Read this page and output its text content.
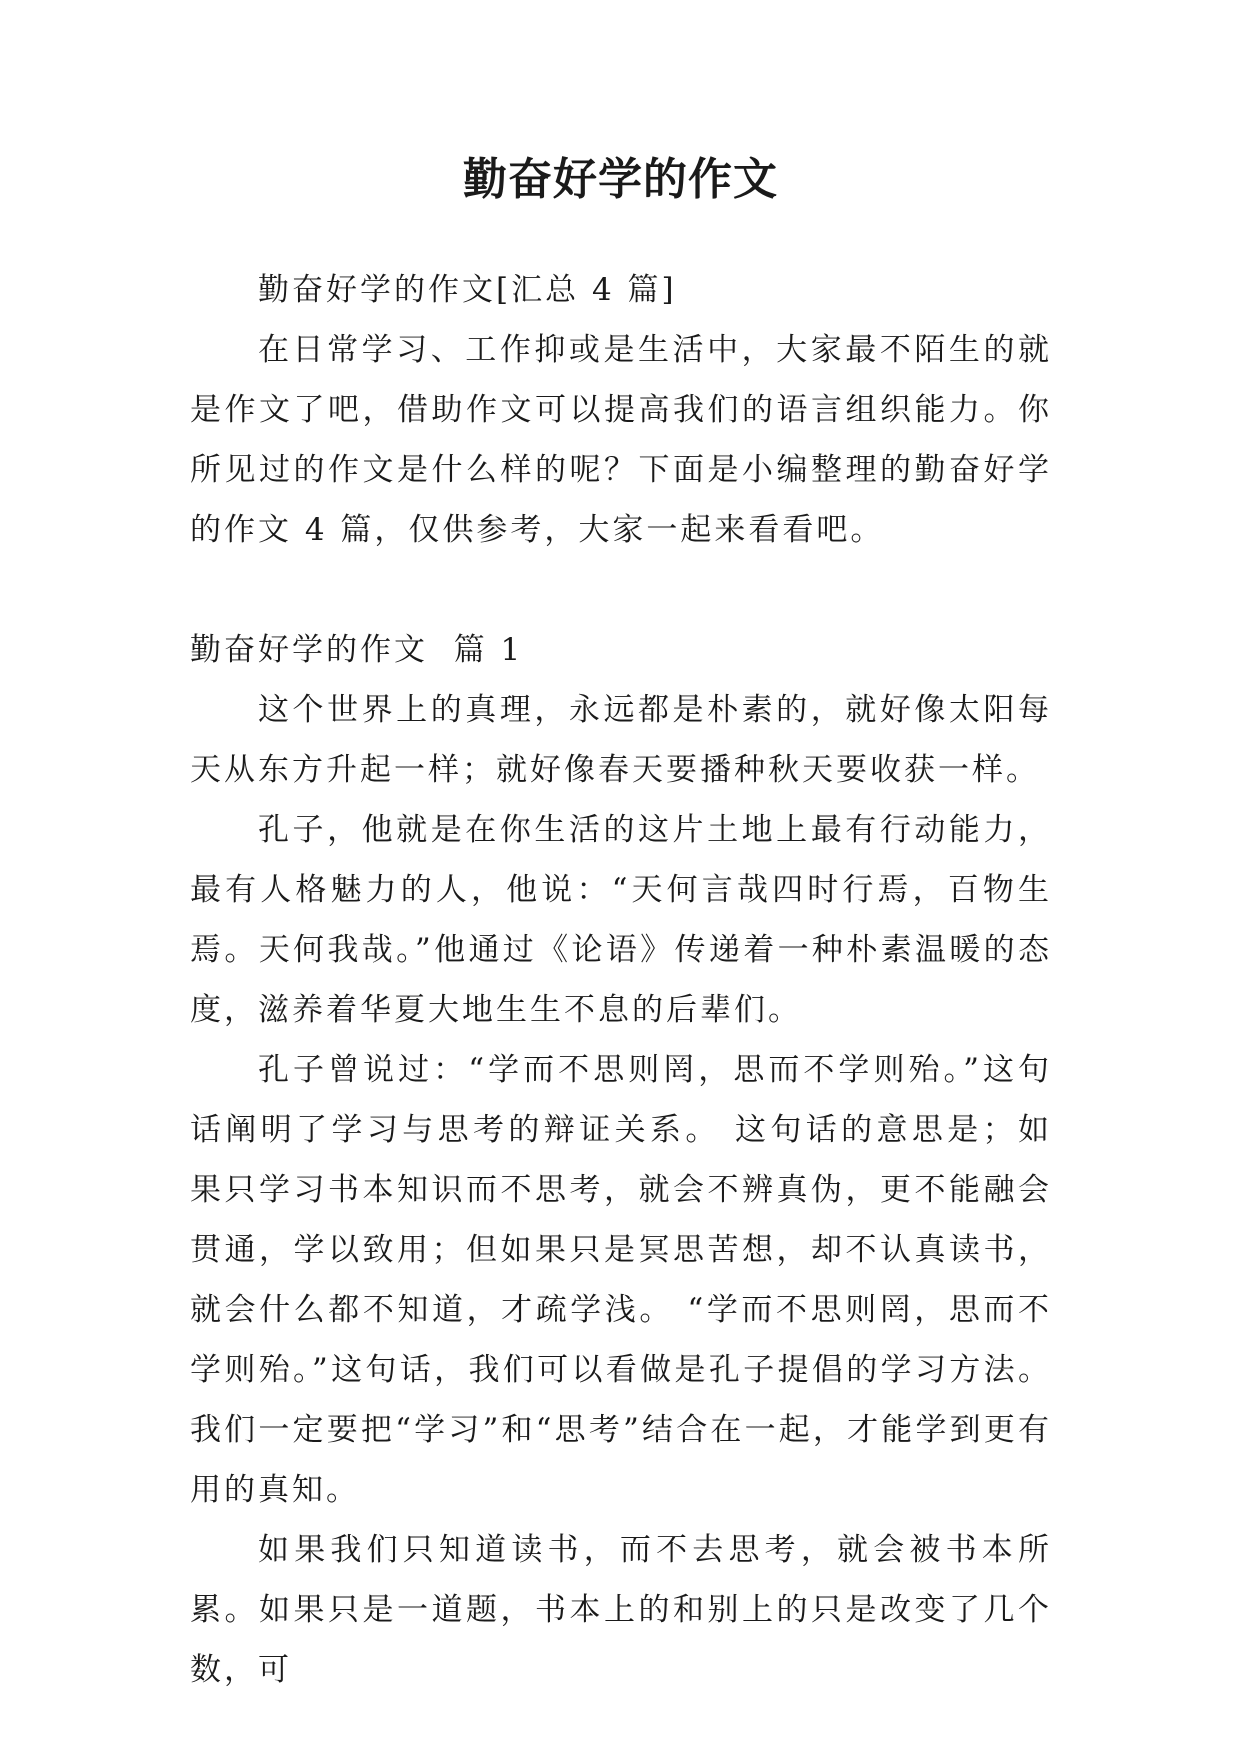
勤奋好学的作文

勤奋好学的作文[汇总 4 篇]

在日常学习、工作抑或是生活中，大家最不陌生的就是作文了吧，借助作文可以提高我们的语言组织能力。你所见过的作文是什么样的呢？下面是小编整理的勤奋好学的作文 4 篇，仅供参考，大家一起来看看吧。

勤奋好学的作文  篇 1

这个世界上的真理，永远都是朴素的，就好像太阳每天从东方升起一样；就好像春天要播种秋天要收获一样。

孔子，他就是在你生活的这片土地上最有行动能力，最有人格魅力的人，他说：“天何言哉四时行焉，百物生焉。天何我哉。”他通过《论语》传递着一种朴素温暖的态度，滋养着华夏大地生生不息的后辈们。

孔子曾说过：“学而不思则罔，思而不学则殆。”这句话阐明了学习与思考的辩证关系。 这句话的意思是；如果只学习书本知识而不思考，就会不辨真伪，更不能融会贯通，学以致用；但如果只是冥思苦想，却不认真读书，就会什么都不知道，才疏学浅。 “学而不思则罔，思而不学则殆。”这句话，我们可以看做是孔子提倡的学习方法。我们一定要把“学习”和“思考”结合在一起，才能学到更有用的真知。

如果我们只知道读书，而不去思考，就会被书本所累。如果只是一道题，书本上的和别上的只是改变了几个数，可
